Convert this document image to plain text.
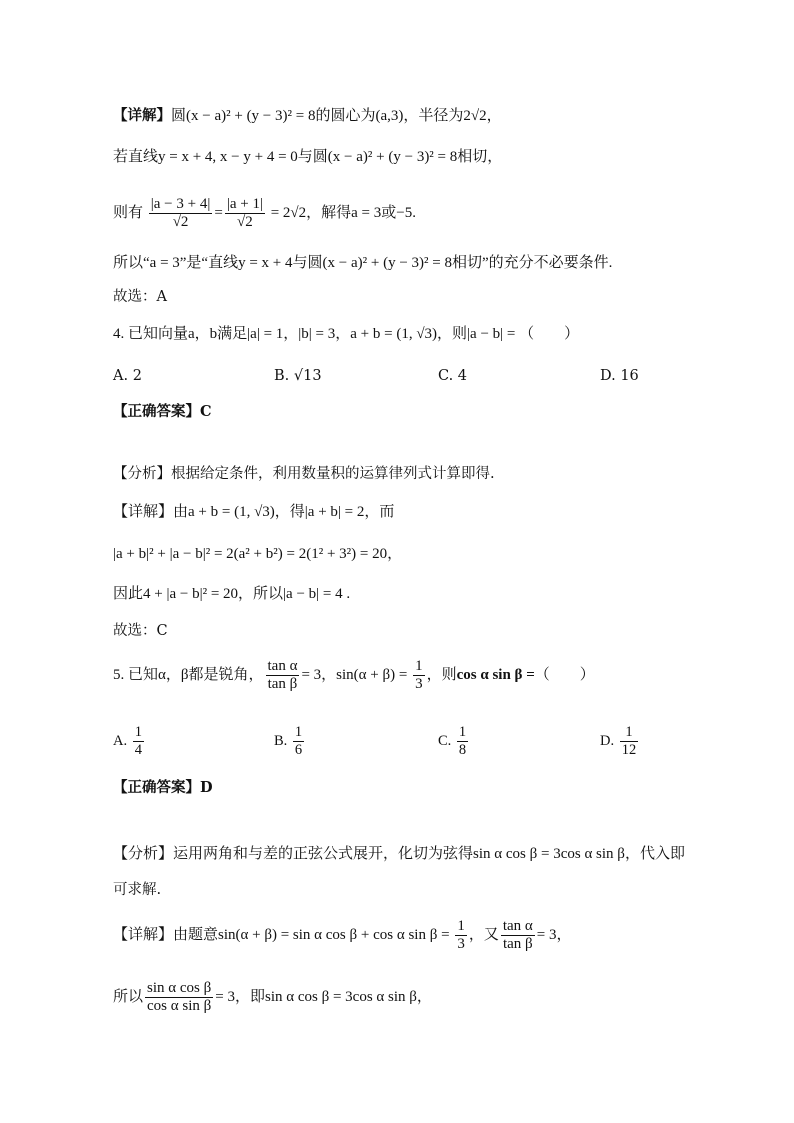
【详解】圆(x − a)² + (y − 3)² = 8的圆心为(a,3)，半径为2√2，
若直线y = x + 4, x − y + 4 = 0与圆(x − a)² + (y − 3)² = 8相切，
则有 $\frac{|a - 3 + 4|}{√2} = \frac{|a + 1|}{√2} = 2√2$，解得a = 3或−5.
所以“a = 3”是“直线y = x + 4与圆(x − a)² + (y − 3)² = 8相切”的充分不必要条件.
故选：A
4. 已知向量a，b满足|a| = 1，|b| = 3，a + b = (1, √3)，则|a − b| = （　　）
A. 2	B. √13	C. 4	D. 16
【正确答案】C
【分析】根据给定条件，利用数量积的运算律列式计算即得.
【详解】由a + b = (1, √3)，得|a + b| = 2，而
|a + b|² + |a − b|² = 2(a² + b²) = 2(1² + 3²) = 20，
因此4 + |a − b|² = 20，所以|a − b| = 4 .
故选：C
5. 已知α，β都是锐角， $\frac{\text{tan α}}{\text{tan β}} = 3$，$\sin(\alpha + \beta) = \frac{1}{3}$ ，则cos α sin β =（　　）
A. $\frac{1}{4}$	B. $\frac{1}{6}$	C. $\frac{1}{8}$	D. $\frac{1}{12}$
【正确答案】D
【分析】运用两角和与差的正弦公式展开，化切为弦得sin α cos β = 3cos α sin β，代入即
可求解.
【详解】由题意sin(α + β) = sin α cos β + cos α $\sin \beta = \frac{1}{3}$ ，又 $\frac{\text{tan α}}{\text{tan β}} = 3$，
所以 $\frac{\text{sin α cos β}}{\text{cos α sin β}} = 3$，即sin α cos β = 3cos α sin β，
